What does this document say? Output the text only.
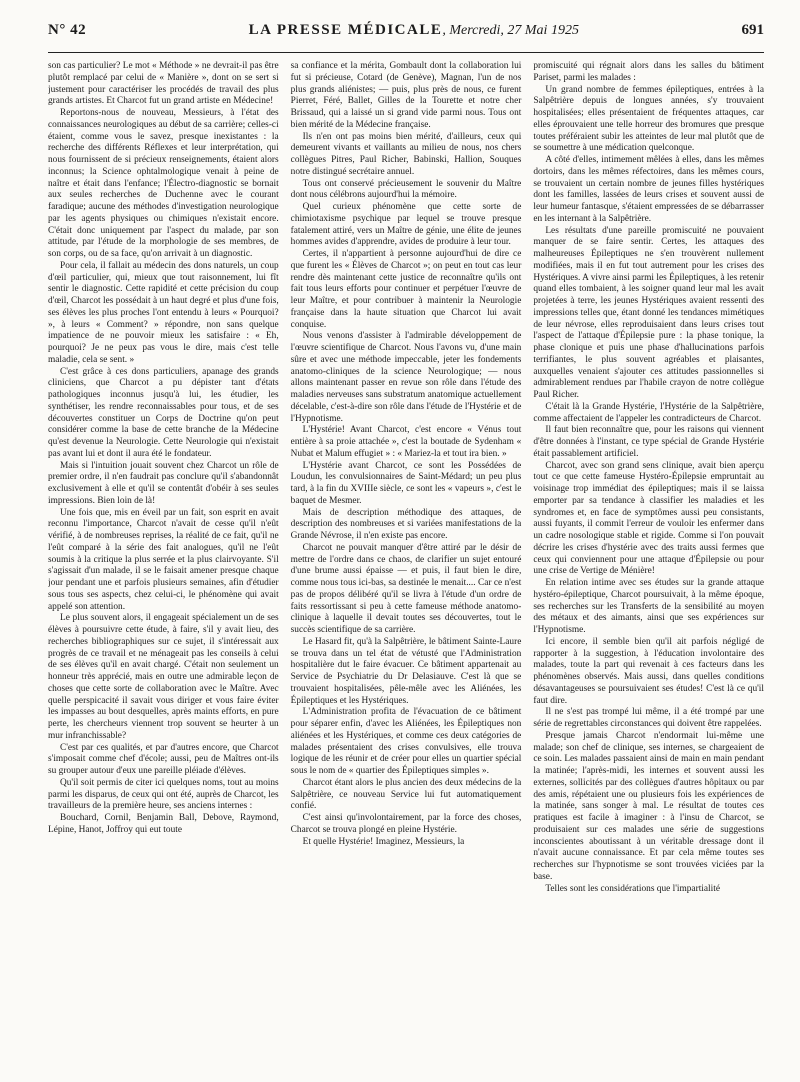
N° 42	LA PRESSE MÉDICALE, Mercredi, 27 Mai 1925	691

son cas particulier? Le mot « Méthode » ne devrait-il pas être plutôt remplacé par celui de « Manière », dont on se sert si justement pour caractériser les procédés de travail des plus grands artistes. Et Charcot fut un grand artiste en Médecine!

Reportons-nous de nouveau, Messieurs, à l'état des connaissances neurologiques au début de sa carrière; celles-ci étaient, comme vous le savez, presque inexistantes : la recherche des différents Réflexes et leur interprétation, qui nous fournissent de si précieux renseignements, étaient alors inconnus; la Science ophtalmologique venait à peine de naître et était dans l'enfance; l'Électro-diagnostic se bornait aux seules recherches de Duchenne avec le courant faradique; aucune des méthodes d'investigation neurologique par les agents physiques ou chimiques n'existait encore. C'était donc uniquement par l'aspect du malade, par son attitude, par l'étude de la morphologie de ses membres, de son corps, ou de sa face, qu'on arrivait à un diagnostic.

Pour cela, il fallait au médecin des dons naturels, un coup d'œil particulier, qui, mieux que tout raisonnement, lui fît sentir le diagnostic. Cette rapidité et cette précision du coup d'œil, Charcot les possédait à un haut degré et plus d'une fois, ses élèves les plus proches l'ont entendu à leurs « Pourquoi? », à leurs « Comment? » répondre, non sans quelque impatience de ne pouvoir mieux les satisfaire : « Eh, pourquoi? Je ne peux pas vous le dire, mais c'est telle maladie, cela se sent. »

C'est grâce à ces dons particuliers, apanage des grands cliniciens, que Charcot a pu dépister tant d'états pathologiques inconnus jusqu'à lui, les étudier, les synthétiser, les rendre reconnaissables pour tous, et de ses découvertes constituer un Corps de Doctrine qu'on peut considérer comme la base de cette branche de la Médecine qu'est devenue la Neurologie. Cette Neurologie qui n'existait pas avant lui et dont il aura été le fondateur.

Mais si l'intuition jouait souvent chez Charcot un rôle de premier ordre, il n'en faudrait pas conclure qu'il s'abandonnât exclusivement à elle et qu'il se contentât d'obéir à ses seules impressions. Bien loin de là!

Une fois que, mis en éveil par un fait, son esprit en avait reconnu l'importance, Charcot n'avait de cesse qu'il n'eût vérifié, à de nombreuses reprises, la réalité de ce fait, qu'il ne l'eût comparé à la série des fait analogues, qu'il ne l'eût soumis à la critique la plus serrée et la plus clairvoyante. S'il s'agissait d'un malade, il se le faisait amener presque chaque jour pendant une et parfois plusieurs semaines, afin d'étudier sous tous ses aspects, chez celui-ci, le phénomène qui avait appelé son attention.

Le plus souvent alors, il engageait spécialement un de ses élèves à poursuivre cette étude, à faire, s'il y avait lieu, des recherches bibliographiques sur ce sujet, il s'intéressait aux progrès de ce travail et ne ménageait pas les conseils à celui de ses élèves qu'il en avait chargé. C'était non seulement un honneur très apprécié, mais en outre une admirable leçon de choses que cette sorte de collaboration avec le Maître. Avec quelle perspicacité il savait vous diriger et vous faire éviter les impasses au bout desquelles, après maints efforts, en pure perte, les chercheurs viennent trop souvent se heurter à un mur infranchissable?

C'est par ces qualités, et par d'autres encore, que Charcot s'imposait comme chef d'école; aussi, peu de Maîtres ont-ils su grouper autour d'eux une pareille pléiade d'élèves.

Qu'il soit permis de citer ici quelques noms, tout au moins parmi les disparus, de ceux qui ont été, auprès de Charcot, les travailleurs de la première heure, ses anciens internes :

Bouchard, Cornil, Benjamin Ball, Debove, Raymond, Lépine, Hanot, Joffroy qui eut toute

sa confiance et la mérita, Gombault dont la collaboration lui fut si précieuse, Cotard (de Genève), Magnan, l'un de nos plus grands aliénistes; — puis, plus près de nous, ce furent Pierret, Féré, Ballet, Gilles de la Tourette et notre cher Brissaud, qui a laissé un si grand vide parmi nous. Tous ont bien mérité de la Médecine française.

Ils n'en ont pas moins bien mérité, d'ailleurs, ceux qui demeurent vivants et vaillants au milieu de nous, nos chers collègues Pitres, Paul Richer, Babinski, Hallion, Souques notre distingué secrétaire annuel.

Tous ont conservé précieusement le souvenir du Maître dont nous célébrons aujourd'hui la mémoire.

Quel curieux phénomène que cette sorte de chimiotaxisme psychique par lequel se trouve presque fatalement attiré, vers un Maître de génie, une élite de jeunes hommes avides d'apprendre, avides de produire à leur tour.

Certes, il n'appartient à personne aujourd'hui de dire ce que furent les « Élèves de Charcot »; on peut en tout cas leur rendre dès maintenant cette justice de reconnaître qu'ils ont fait tous leurs efforts pour continuer et perpétuer l'œuvre de leur Maître, et pour contribuer à maintenir la Neurologie française dans la haute situation que Charcot lui avait conquise.

Nous venons d'assister à l'admirable développement de l'œuvre scientifique de Charcot. Nous l'avons vu, d'une main sûre et avec une méthode impeccable, jeter les fondements anatomo-cliniques de la science Neurologique; — nous allons maintenant passer en revue son rôle dans l'étude des maladies nerveuses sans substratum anatomique actuellement décelable, c'est-à-dire son rôle dans l'étude de l'Hystérie et de l'Hypnotisme.

L'Hystérie! Avant Charcot, c'est encore « Vénus tout entière à sa proie attachée », c'est la boutade de Sydenham « Nubat et Malum effugiet » : « Mariez-la et tout ira bien. »

L'Hystérie avant Charcot, ce sont les Possédées de Loudun, les convulsionnaires de Saint-Médard; un peu plus tard, à la fin du XVIIIe siècle, ce sont les « vapeurs », c'est le baquet de Mesmer.

Mais de description méthodique des attaques, de description des nombreuses et si variées manifestations de la Grande Névrose, il n'en existe pas encore.

Charcot ne pouvait manquer d'être attiré par le désir de mettre de l'ordre dans ce chaos, de clarifier un sujet entouré d'une brume aussi épaisse — et puis, il faut bien le dire, comme nous tous ici-bas, sa destinée le menait.... Car ce n'est pas de propos délibéré qu'il se livra à l'étude d'un ordre de faits ressortissant si peu à cette fameuse méthode anatomo-clinique à laquelle il devait toutes ses découvertes, tout le succès scientifique de sa carrière.

Le Hasard fit, qu'à la Salpêtrière, le bâtiment Sainte-Laure se trouva dans un tel état de vétusté que l'Administration hospitalière dut le faire évacuer. Ce bâtiment appartenait au Service de Psychiatrie du Dr Delasiauve. C'est là que se trouvaient hospitalisées, pêle-mêle avec les Aliénées, les Épileptiques et les Hystériques.

L'Administration profita de l'évacuation de ce bâtiment pour séparer enfin, d'avec les Aliénées, les Épileptiques non aliénées et les Hystériques, et comme ces deux catégories de malades présentaient des crises convulsives, elle trouva logique de les réunir et de créer pour elles un quartier spécial sous le nom de « quartier des Épileptiques simples ».

Charcot étant alors le plus ancien des deux médecins de la Salpêtrière, ce nouveau Service lui fut automatiquement confié.

C'est ainsi qu'involontairement, par la force des choses, Charcot se trouva plongé en pleine Hystérie.

Et quelle Hystérie! Imaginez, Messieurs, la

promiscuité qui régnait alors dans les salles du bâtiment Pariset, parmi les malades :

Un grand nombre de femmes épileptiques, entrées à la Salpêtrière depuis de longues années, s'y trouvaient hospitalisées; elles présentaient de fréquentes attaques, car elles éprouvaient une telle horreur des bromures que presque toutes préféraient subir les atteintes de leur mal plutôt que de se soumettre à une médication quelconque.

A côté d'elles, intimement mêlées à elles, dans les mêmes dortoirs, dans les mêmes réfectoires, dans les mêmes cours, se trouvaient un certain nombre de jeunes filles hystériques dont les familles, lassées de leurs crises et souvent aussi de leur humeur fantasque, s'étaient empressées de se débarrasser en les internant à la Salpêtrière.

Les résultats d'une pareille promiscuité ne pouvaient manquer de se faire sentir. Certes, les attaques des malheureuses Épileptiques ne s'en trouvèrent nullement modifiées, mais il en fut tout autrement pour les crises des Hystériques. A vivre ainsi parmi les Épileptiques, à les retenir quand elles tombaient, à les soigner quand leur mal les avait projetées à terre, les jeunes Hystériques avaient ressenti des impressions telles que, étant donné les tendances mimétiques de leur névrose, elles reproduisaient dans leurs crises tout l'aspect de l'attaque d'Épilepsie pure : la phase tonique, la phase clonique et puis une phase d'hallucinations parfois terrifiantes, le plus souvent agréables et plaisantes, auxquelles venaient s'ajouter ces attitudes passionnelles si admirablement rendues par l'habile crayon de notre collègue Paul Richer.

C'était là la Grande Hystérie, l'Hystérie de la Salpêtrière, comme affectaient de l'appeler les contradicteurs de Charcot.

Il faut bien reconnaître que, pour les raisons qui viennent d'être données à l'instant, ce type spécial de Grande Hystérie était passablement artificiel.

Charcot, avec son grand sens clinique, avait bien aperçu tout ce que cette fameuse Hystéro-Épilepsie empruntait au voisinage trop immédiat des épileptiques; mais il se laissa emporter par sa tendance à classifier les maladies et les syndromes et, en face de symptômes aussi peu consistants, aussi fuyants, il commit l'erreur de vouloir les enfermer dans un cadre nosologique stable et rigide. Comme si l'on pouvait décrire les crises d'hystérie avec des traits aussi fermes que ceux qui conviennent pour une attaque d'Épilepsie ou pour une crise de Vertige de Ménière!

En relation intime avec ses études sur la grande attaque hystéro-épileptique, Charcot poursuivait, à la même époque, ses recherches sur les Transferts de la sensibilité au moyen des métaux et des aimants, ainsi que ses expériences sur l'Hypnotisme.

Ici encore, il semble bien qu'il ait parfois négligé de rapporter à la suggestion, à l'éducation involontaire des malades, toute la part qui revenait à ces facteurs dans les phénomènes observés. Mais aussi, dans quelles conditions désavantageuses se poursuivaient ses études! C'est là ce qu'il faut dire.

Il ne s'est pas trompé lui même, il a été trompé par une série de regrettables circonstances qui doivent être rappelées.

Presque jamais Charcot n'endormait lui-même une malade; son chef de clinique, ses internes, se chargeaient de ce soin. Les malades passaient ainsi de main en main pendant la matinée; l'après-midi, les internes et souvent aussi les externes, sollicités par des collègues d'autres hôpitaux ou par des amis, répétaient une ou plusieurs fois les expériences de la matinée, sans songer à mal. Le résultat de toutes ces pratiques est facile à imaginer : à l'insu de Charcot, se produisaient sur ces malades une série de suggestions inconscientes aboutissant à un véritable dressage dont il n'avait aucune connaissance. Et par cela même toutes ses recherches sur l'hypnotisme se sont trouvées viciées par la base.

Telles sont les considérations que l'impartialité
